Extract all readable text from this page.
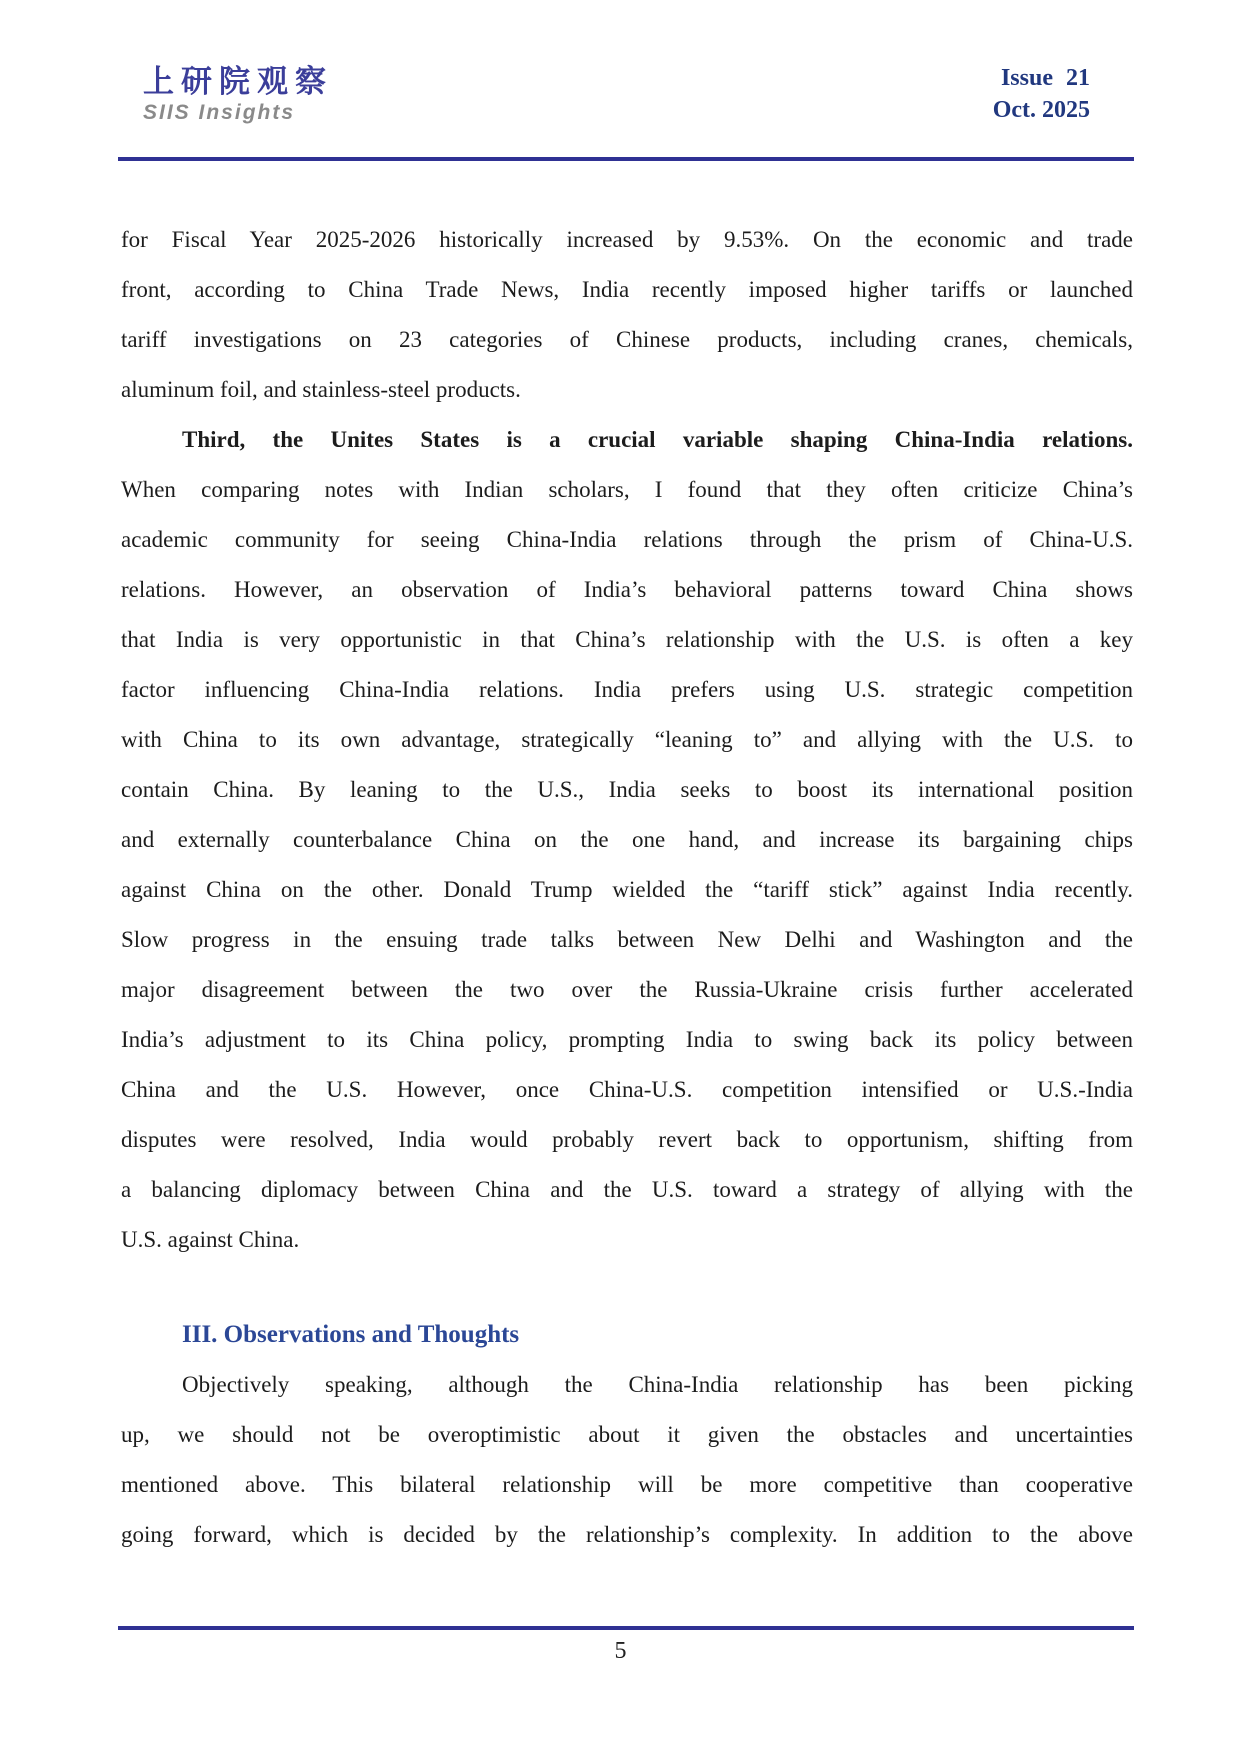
上研院观察
SIIS Insights
Issue 21
Oct. 2025
for Fiscal Year 2025-2026 historically increased by 9.53%. On the economic and trade
front, according to China Trade News, India recently imposed higher tariffs or launched
tariff investigations on 23 categories of Chinese products, including cranes, chemicals,
aluminum foil, and stainless-steel products.
Third, the Unites States is a crucial variable shaping China-India relations.
When comparing notes with Indian scholars, I found that they often criticize China’s
academic community for seeing China-India relations through the prism of China-U.S.
relations. However, an observation of India’s behavioral patterns toward China shows
that India is very opportunistic in that China’s relationship with the U.S. is often a key
factor influencing China-India relations. India prefers using U.S. strategic competition
with China to its own advantage, strategically “leaning to” and allying with the U.S. to
contain China. By leaning to the U.S., India seeks to boost its international position
and externally counterbalance China on the one hand, and increase its bargaining chips
against China on the other. Donald Trump wielded the “tariff stick” against India recently.
Slow progress in the ensuing trade talks between New Delhi and Washington and the
major disagreement between the two over the Russia-Ukraine crisis further accelerated
India’s adjustment to its China policy, prompting India to swing back its policy between
China and the U.S. However, once China-U.S. competition intensified or U.S.-India
disputes were resolved, India would probably revert back to opportunism, shifting from
a balancing diplomacy between China and the U.S. toward a strategy of allying with the
U.S. against China.
III. Observations and Thoughts
Objectively speaking, although the China-India relationship has been picking
up, we should not be overoptimistic about it given the obstacles and uncertainties
mentioned above. This bilateral relationship will be more competitive than cooperative
going forward, which is decided by the relationship’s complexity. In addition to the above
5
